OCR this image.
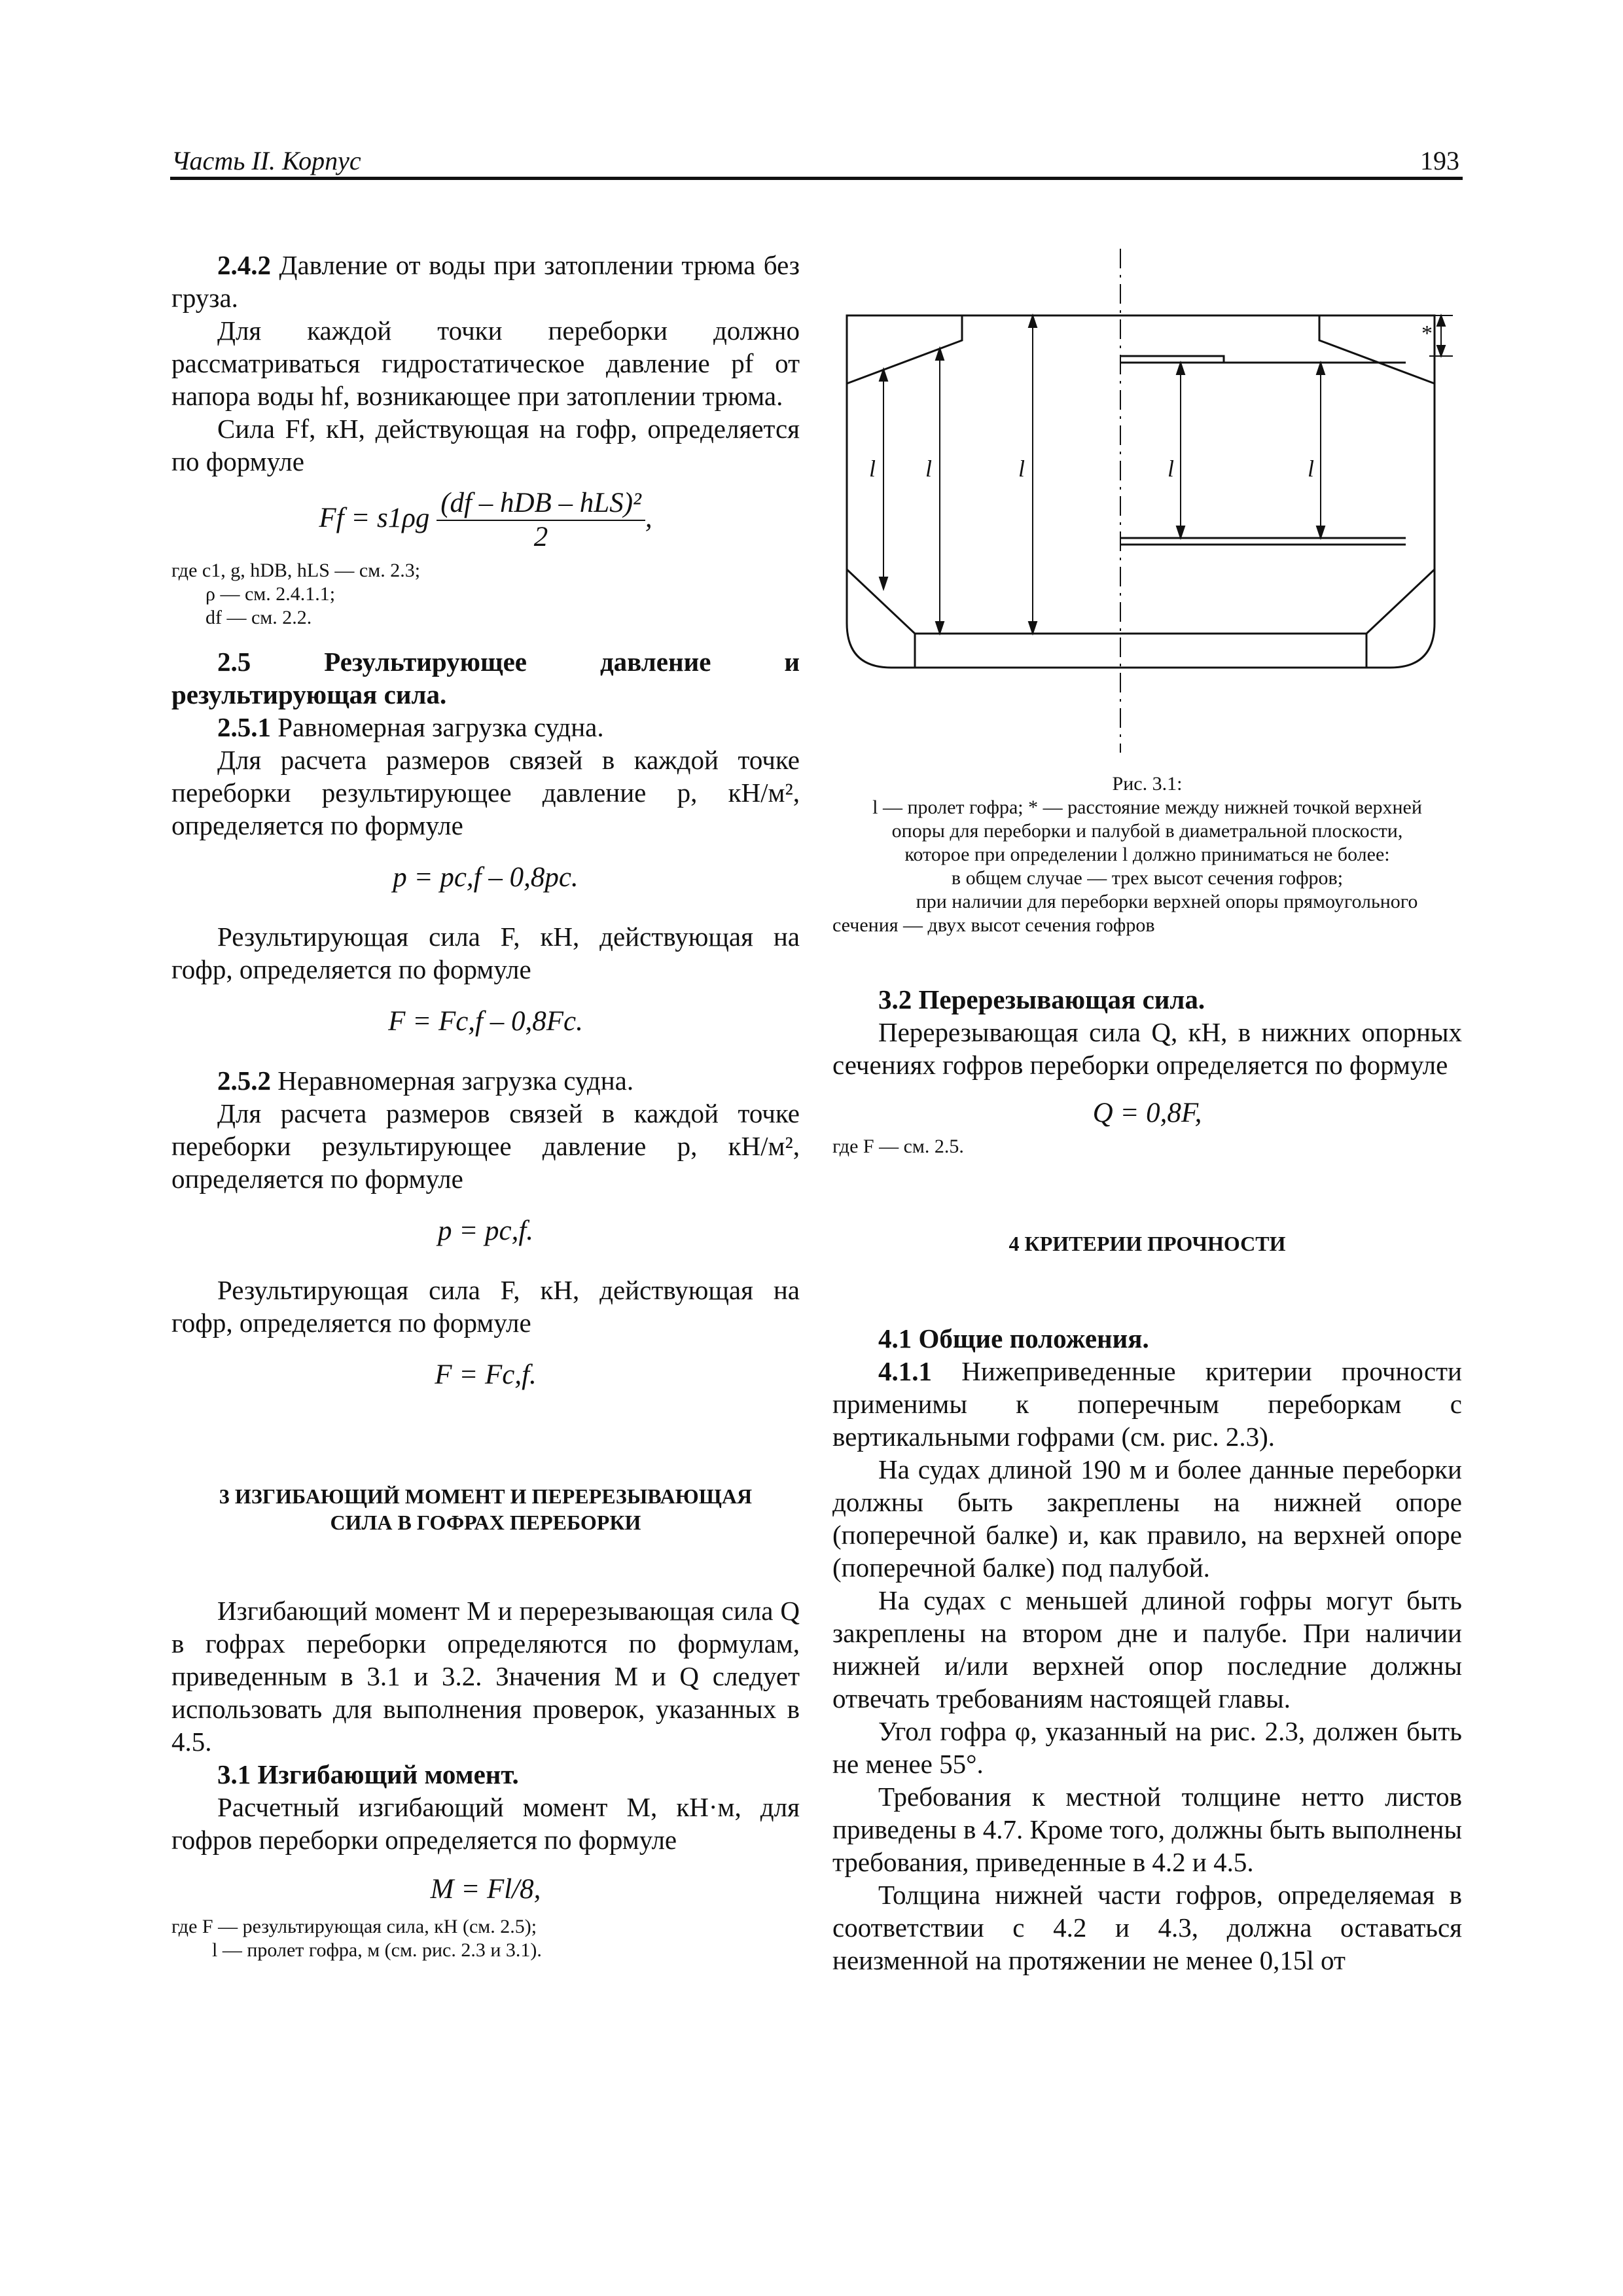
Часть II. Корпус	193

2.4.2 Давление от воды при затоплении трюма без груза.

Для каждой точки переборки должно рассматриваться гидростатическое давление pf от напора воды hf, возникающее при затоплении трюма.

Сила Ff, кН, действующая на гофр, определяется по формуле

$Ff = s1\rho g \frac{\text{(df – hDB – hLS)²}}{2}$ ,
где c1, g, hDB, hLS — см. 2.3;
ρ — см. 2.4.1.1;
df — см. 2.2.

2.5 Результирующее давление и результирующая сила.

2.5.1 Равномерная загрузка судна.

Для расчета размеров связей в каждой точке переборки результирующее давление p, кН/м², определяется по формуле

p = pc,f – 0,8pc.

Результирующая сила F, кН, действующая на гофр, определяется по формуле

F = Fc,f – 0,8Fc.

2.5.2 Неравномерная загрузка судна.

Для расчета размеров связей в каждой точке переборки результирующее давление p, кН/м², определяется по формуле

p = pc,f.

Результирующая сила F, кН, действующая на гофр, определяется по формуле

F = Fc,f.
3 ИЗГИБАЮЩИЙ МОМЕНТ И ПЕРЕРЕЗЫВАЮЩАЯ СИЛА В ГОФРАХ ПЕРЕБОРКИ

Изгибающий момент M и перерезывающая сила Q в гофрах переборки определяются по формулам, приведенным в 3.1 и 3.2. Значения M и Q следует использовать для выполнения проверок, указанных в 4.5.

3.1 Изгибающий момент.

Расчетный изгибающий момент M, кН·м, для гофров переборки определяется по формуле

M = Fl/8,
где F — результирующая сила, кН (см. 2.5);
l — пролет гофра, м (см. рис. 2.3 и 3.1).
l l	l	l	l
*
Рис. 3.1:
l — пролет гофра; * — расстояние между нижней точкой верхней
опоры для переборки и палубой в диаметральной плоскости,
которое при определении l должно приниматься не более:
в общем случае — трех высот сечения гофров;
при наличии для переборки верхней опоры прямоугольного
сечения — двух высот сечения гофров

3.2 Перерезывающая сила.

Перерезывающая сила Q, кН, в нижних опорных сечениях гофров переборки определяется по формуле

Q = 0,8F,
где F — см. 2.5.
4 КРИТЕРИИ ПРОЧНОСТИ

4.1 Общие положения.

4.1.1 Нижеприведенные критерии прочности применимы к поперечным переборкам с вертикальными гофрами (см. рис. 2.3).

На судах длиной 190 м и более данные переборки должны быть закреплены на нижней опоре (поперечной балке) и, как правило, на верхней опоре (поперечной балке) под палубой.

На судах с меньшей длиной гофры могут быть закреплены на втором дне и палубе. При наличии нижней и/или верхней опор последние должны отвечать требованиям настоящей главы.

Угол гофра φ, указанный на рис. 2.3, должен быть не менее 55°.

Требования к местной толщине нетто листов приведены в 4.7. Кроме того, должны быть выполнены требования, приведенные в 4.2 и 4.5.

Толщина нижней части гофров, определяемая в соответствии с 4.2 и 4.3, должна оставаться неизменной на протяжении не менее 0,15l от
